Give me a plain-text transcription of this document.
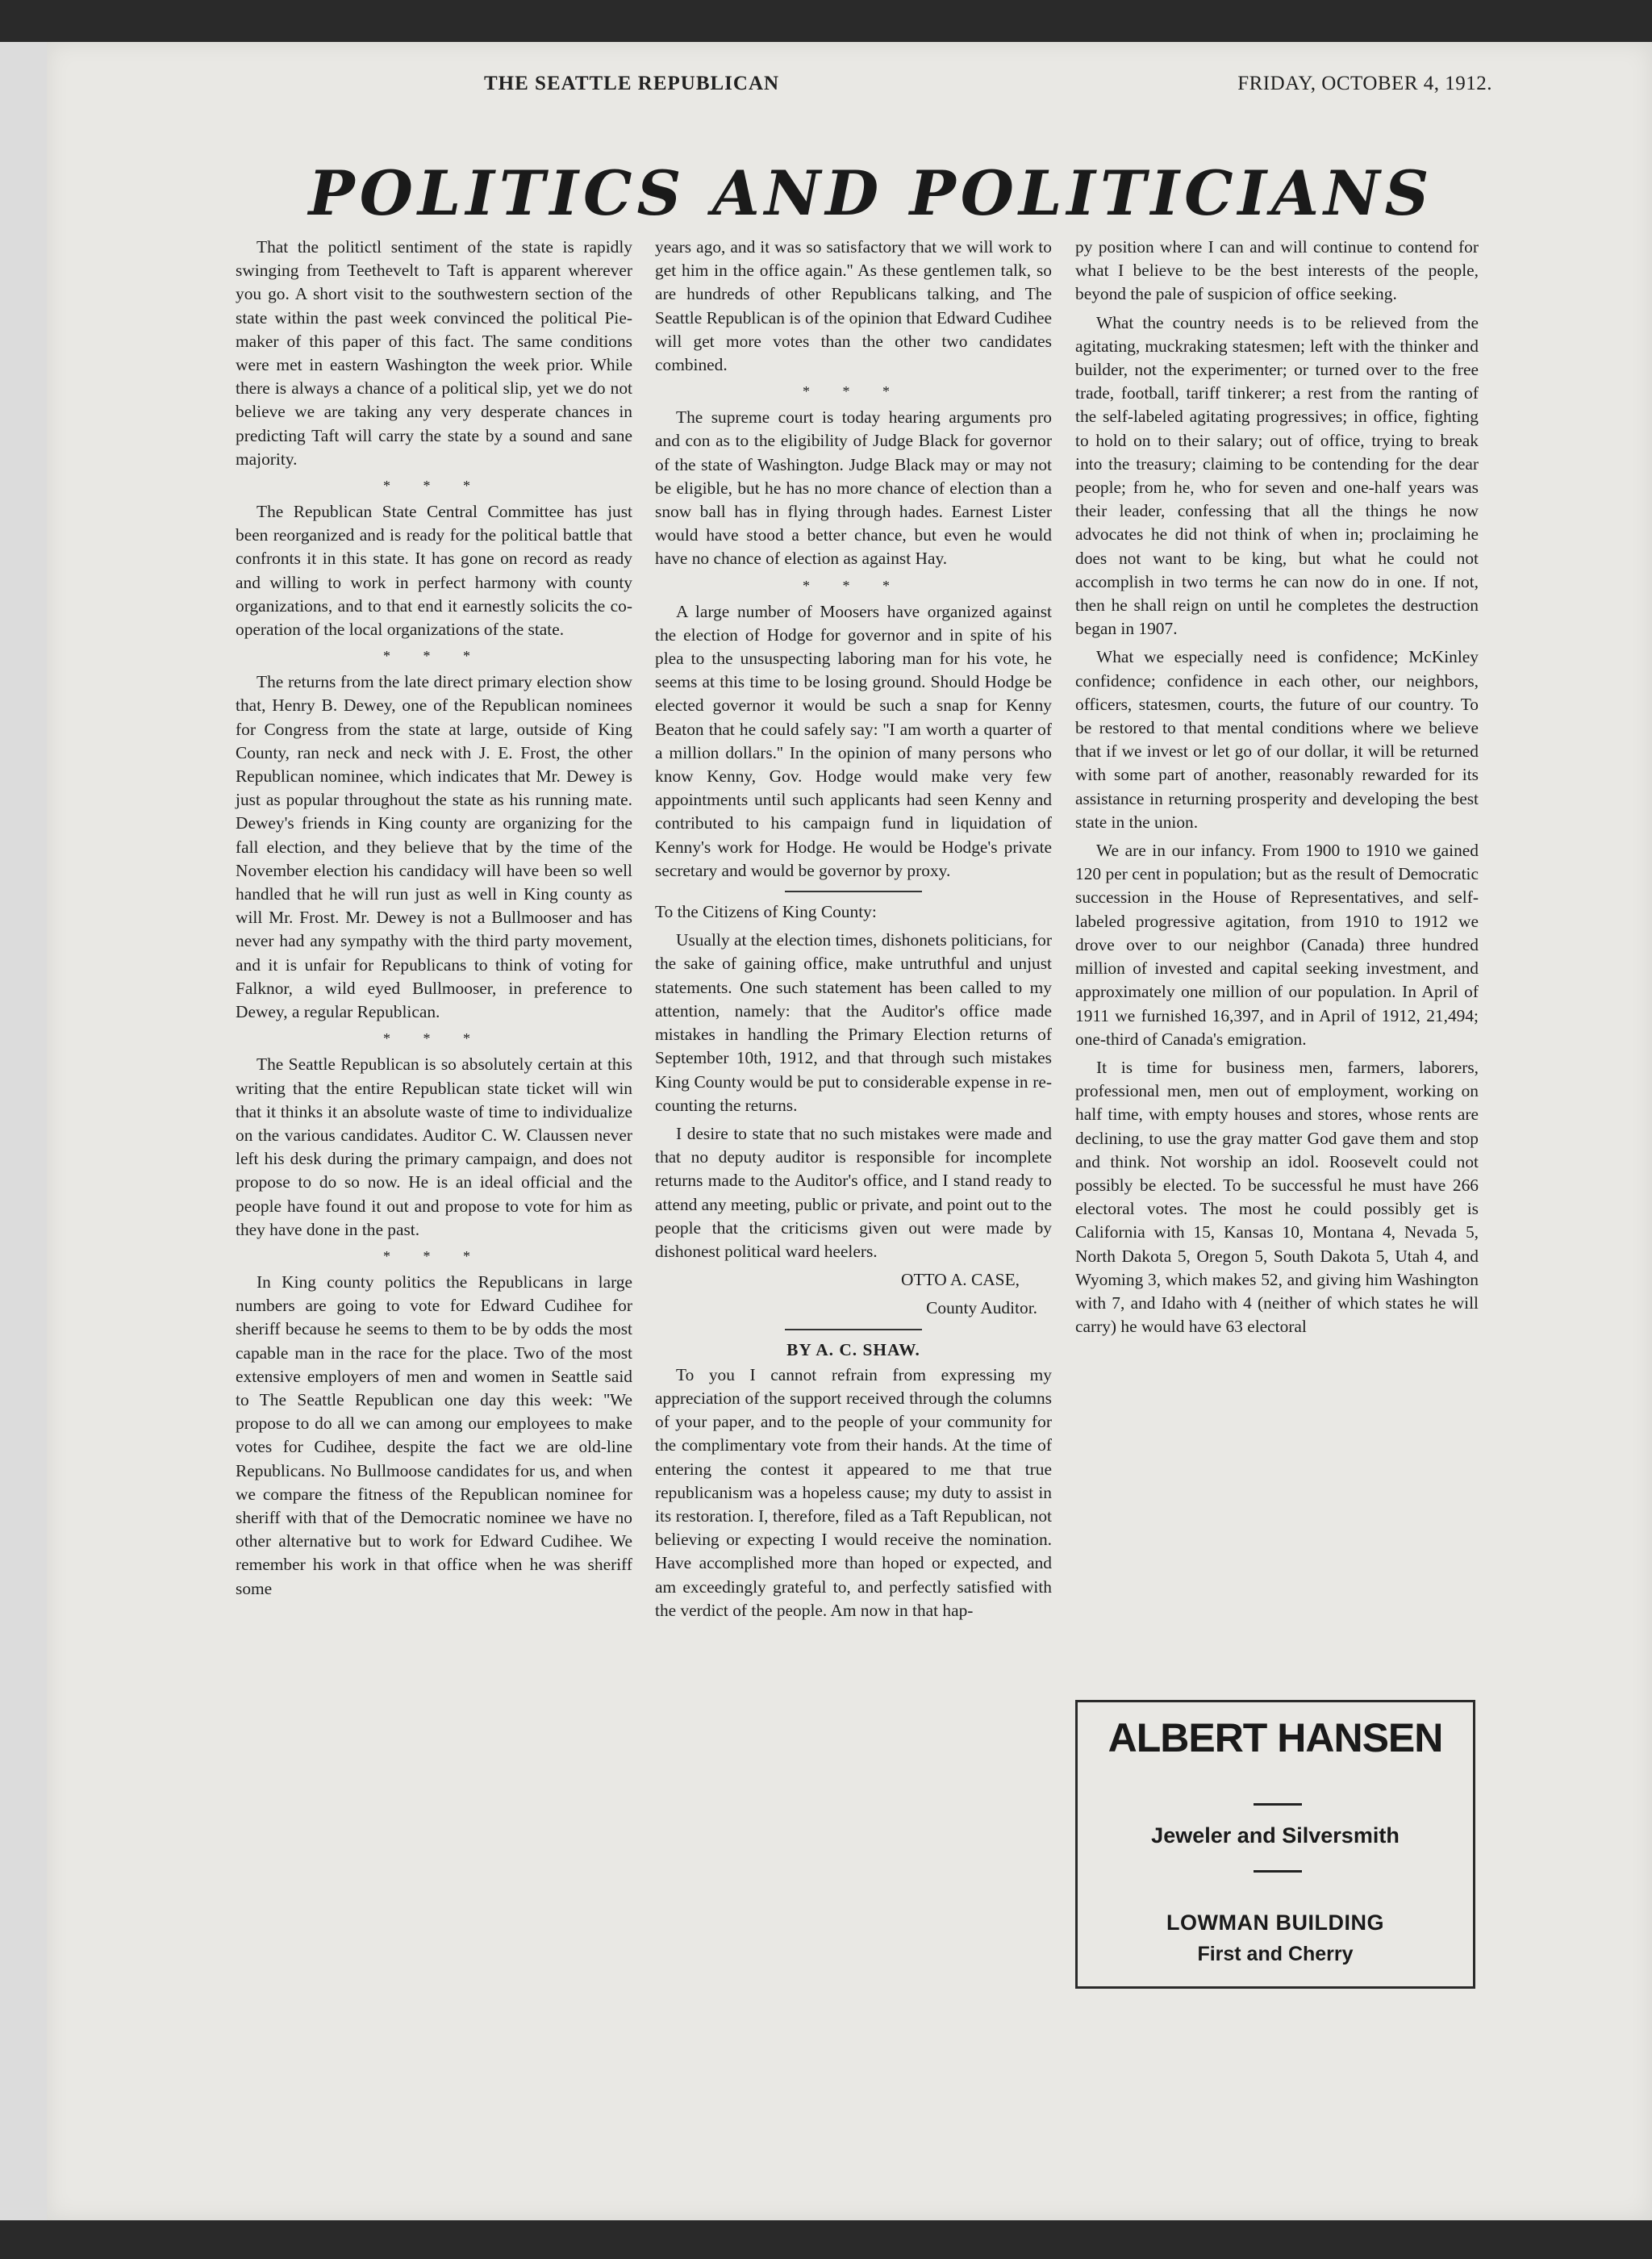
THE SEATTLE REPUBLICAN	FRIDAY, OCTOBER 4, 1912.
POLITICS AND POLITICIANS

That the politictl sentiment of the state is rapidly swinging from Teethevelt to Taft is apparent wherever you go. A short visit to the southwestern section of the state within the past week convinced the political Pie-maker of this paper of this fact. The same conditions were met in eastern Washington the week prior. While there is always a chance of a political slip, yet we do not believe we are taking any very desperate chances in predicting Taft will carry the state by a sound and sane majority.

* * *

The Republican State Central Committee has just been reorganized and is ready for the political battle that confronts it in this state. It has gone on record as ready and willing to work in perfect harmony with county organizations, and to that end it earnestly solicits the co-operation of the local organizations of the state.

* * *

The returns from the late direct primary election show that, Henry B. Dewey, one of the Republican nominees for Congress from the state at large, outside of King County, ran neck and neck with J. E. Frost, the other Republican nominee, which indicates that Mr. Dewey is just as popular throughout the state as his running mate. Dewey's friends in King county are organizing for the fall election, and they believe that by the time of the November election his candidacy will have been so well handled that he will run just as well in King county as will Mr. Frost. Mr. Dewey is not a Bullmooser and has never had any sympathy with the third party movement, and it is unfair for Republicans to think of voting for Falknor, a wild eyed Bullmooser, in preference to Dewey, a regular Republican.

* * *

The Seattle Republican is so absolutely certain at this writing that the entire Republican state ticket will win that it thinks it an absolute waste of time to individualize on the various candidates. Auditor C. W. Claussen never left his desk during the primary campaign, and does not propose to do so now. He is an ideal official and the people have found it out and propose to vote for him as they have done in the past.

* * *

In King county politics the Republicans in large numbers are going to vote for Edward Cudihee for sheriff because he seems to them to be by odds the most capable man in the race for the place. Two of the most extensive employers of men and women in Seattle said to The Seattle Republican one day this week: ''We propose to do all we can among our employees to make votes for Cudihee, despite the fact we are old-line Republicans. No Bullmoose candidates for us, and when we compare the fitness of the Republican nominee for sheriff with that of the Democratic nominee we have no other alternative but to work for Edward Cudihee. We remember his work in that office when he was sheriff some

years ago, and it was so satisfactory that we will work to get him in the office again.'' As these gentlemen talk, so are hundreds of other Republicans talking, and The Seattle Republican is of the opinion that Edward Cudihee will get more votes than the other two candidates combined.

* * *

The supreme court is today hearing arguments pro and con as to the eligibility of Judge Black for governor of the state of Washington. Judge Black may or may not be eligible, but he has no more chance of election than a snow ball has in flying through hades. Earnest Lister would have stood a better chance, but even he would have no chance of election as against Hay.

* * *

A large number of Moosers have organized against the election of Hodge for governor and in spite of his plea to the unsuspecting laboring man for his vote, he seems at this time to be losing ground. Should Hodge be elected governor it would be such a snap for Kenny Beaton that he could safely say: ''I am worth a quarter of a million dollars.'' In the opinion of many persons who know Kenny, Gov. Hodge would make very few appointments until such applicants had seen Kenny and contributed to his campaign fund in liquidation of Kenny's work for Hodge. He would be Hodge's private secretary and would be governor by proxy.

To the Citizens of King County:

Usually at the election times, dishonets politicians, for the sake of gaining office, make untruthful and unjust statements. One such statement has been called to my attention, namely: that the Auditor's office made mistakes in handling the Primary Election returns of September 10th, 1912, and that through such mistakes King County would be put to considerable expense in re-counting the returns.

I desire to state that no such mistakes were made and that no deputy auditor is responsible for incomplete returns made to the Auditor's office, and I stand ready to attend any meeting, public or private, and point out to the people that the criticisms given out were made by dishonest political ward heelers.

OTTO A. CASE,

County Auditor.

BY A. C. SHAW.

To you I cannot refrain from expressing my appreciation of the support received through the columns of your paper, and to the people of your community for the complimentary vote from their hands. At the time of entering the contest it appeared to me that true republicanism was a hopeless cause; my duty to assist in its restoration. I, therefore, filed as a Taft Republican, not believing or expecting I would receive the nomination. Have accomplished more than hoped or expected, and am exceedingly grateful to, and perfectly satisfied with the verdict of the people. Am now in that hap-

py position where I can and will continue to contend for what I believe to be the best interests of the people, beyond the pale of suspicion of office seeking.

What the country needs is to be relieved from the agitating, muckraking statesmen; left with the thinker and builder, not the experimenter; or turned over to the free trade, football, tariff tinkerer; a rest from the ranting of the self-labeled agitating progressives; in office, fighting to hold on to their salary; out of office, trying to break into the treasury; claiming to be contending for the dear people; from he, who for seven and one-half years was their leader, confessing that all the things he now advocates he did not think of when in; proclaiming he does not want to be king, but what he could not accomplish in two terms he can now do in one. If not, then he shall reign on until he completes the destruction began in 1907.

What we especially need is confidence; McKinley confidence; confidence in each other, our neighbors, officers, statesmen, courts, the future of our country. To be restored to that mental conditions where we believe that if we invest or let go of our dollar, it will be returned with some part of another, reasonably rewarded for its assistance in returning prosperity and developing the best state in the union.

We are in our infancy. From 1900 to 1910 we gained 120 per cent in population; but as the result of Democratic succession in the House of Representatives, and self-labeled progressive agitation, from 1910 to 1912 we drove over to our neighbor (Canada) three hundred million of invested and capital seeking investment, and approximately one million of our population. In April of 1911 we furnished 16,397, and in April of 1912, 21,494; one-third of Canada's emigration.

It is time for business men, farmers, laborers, professional men, men out of employment, working on half time, with empty houses and stores, whose rents are declining, to use the gray matter God gave them and stop and think. Not worship an idol. Roosevelt could not possibly be elected. To be successful he must have 266 electoral votes. The most he could possibly get is California with 15, Kansas 10, Montana 4, Nevada 5, North Dakota 5, Oregon 5, South Dakota 5, Utah 4, and Wyoming 3, which makes 52, and giving him Washington with 7, and Idaho with 4 (neither of which states he will carry) he would have 63 electoral

ALBERT HANSEN
Jeweler and Silversmith
LOWMAN BUILDING
First and Cherry
